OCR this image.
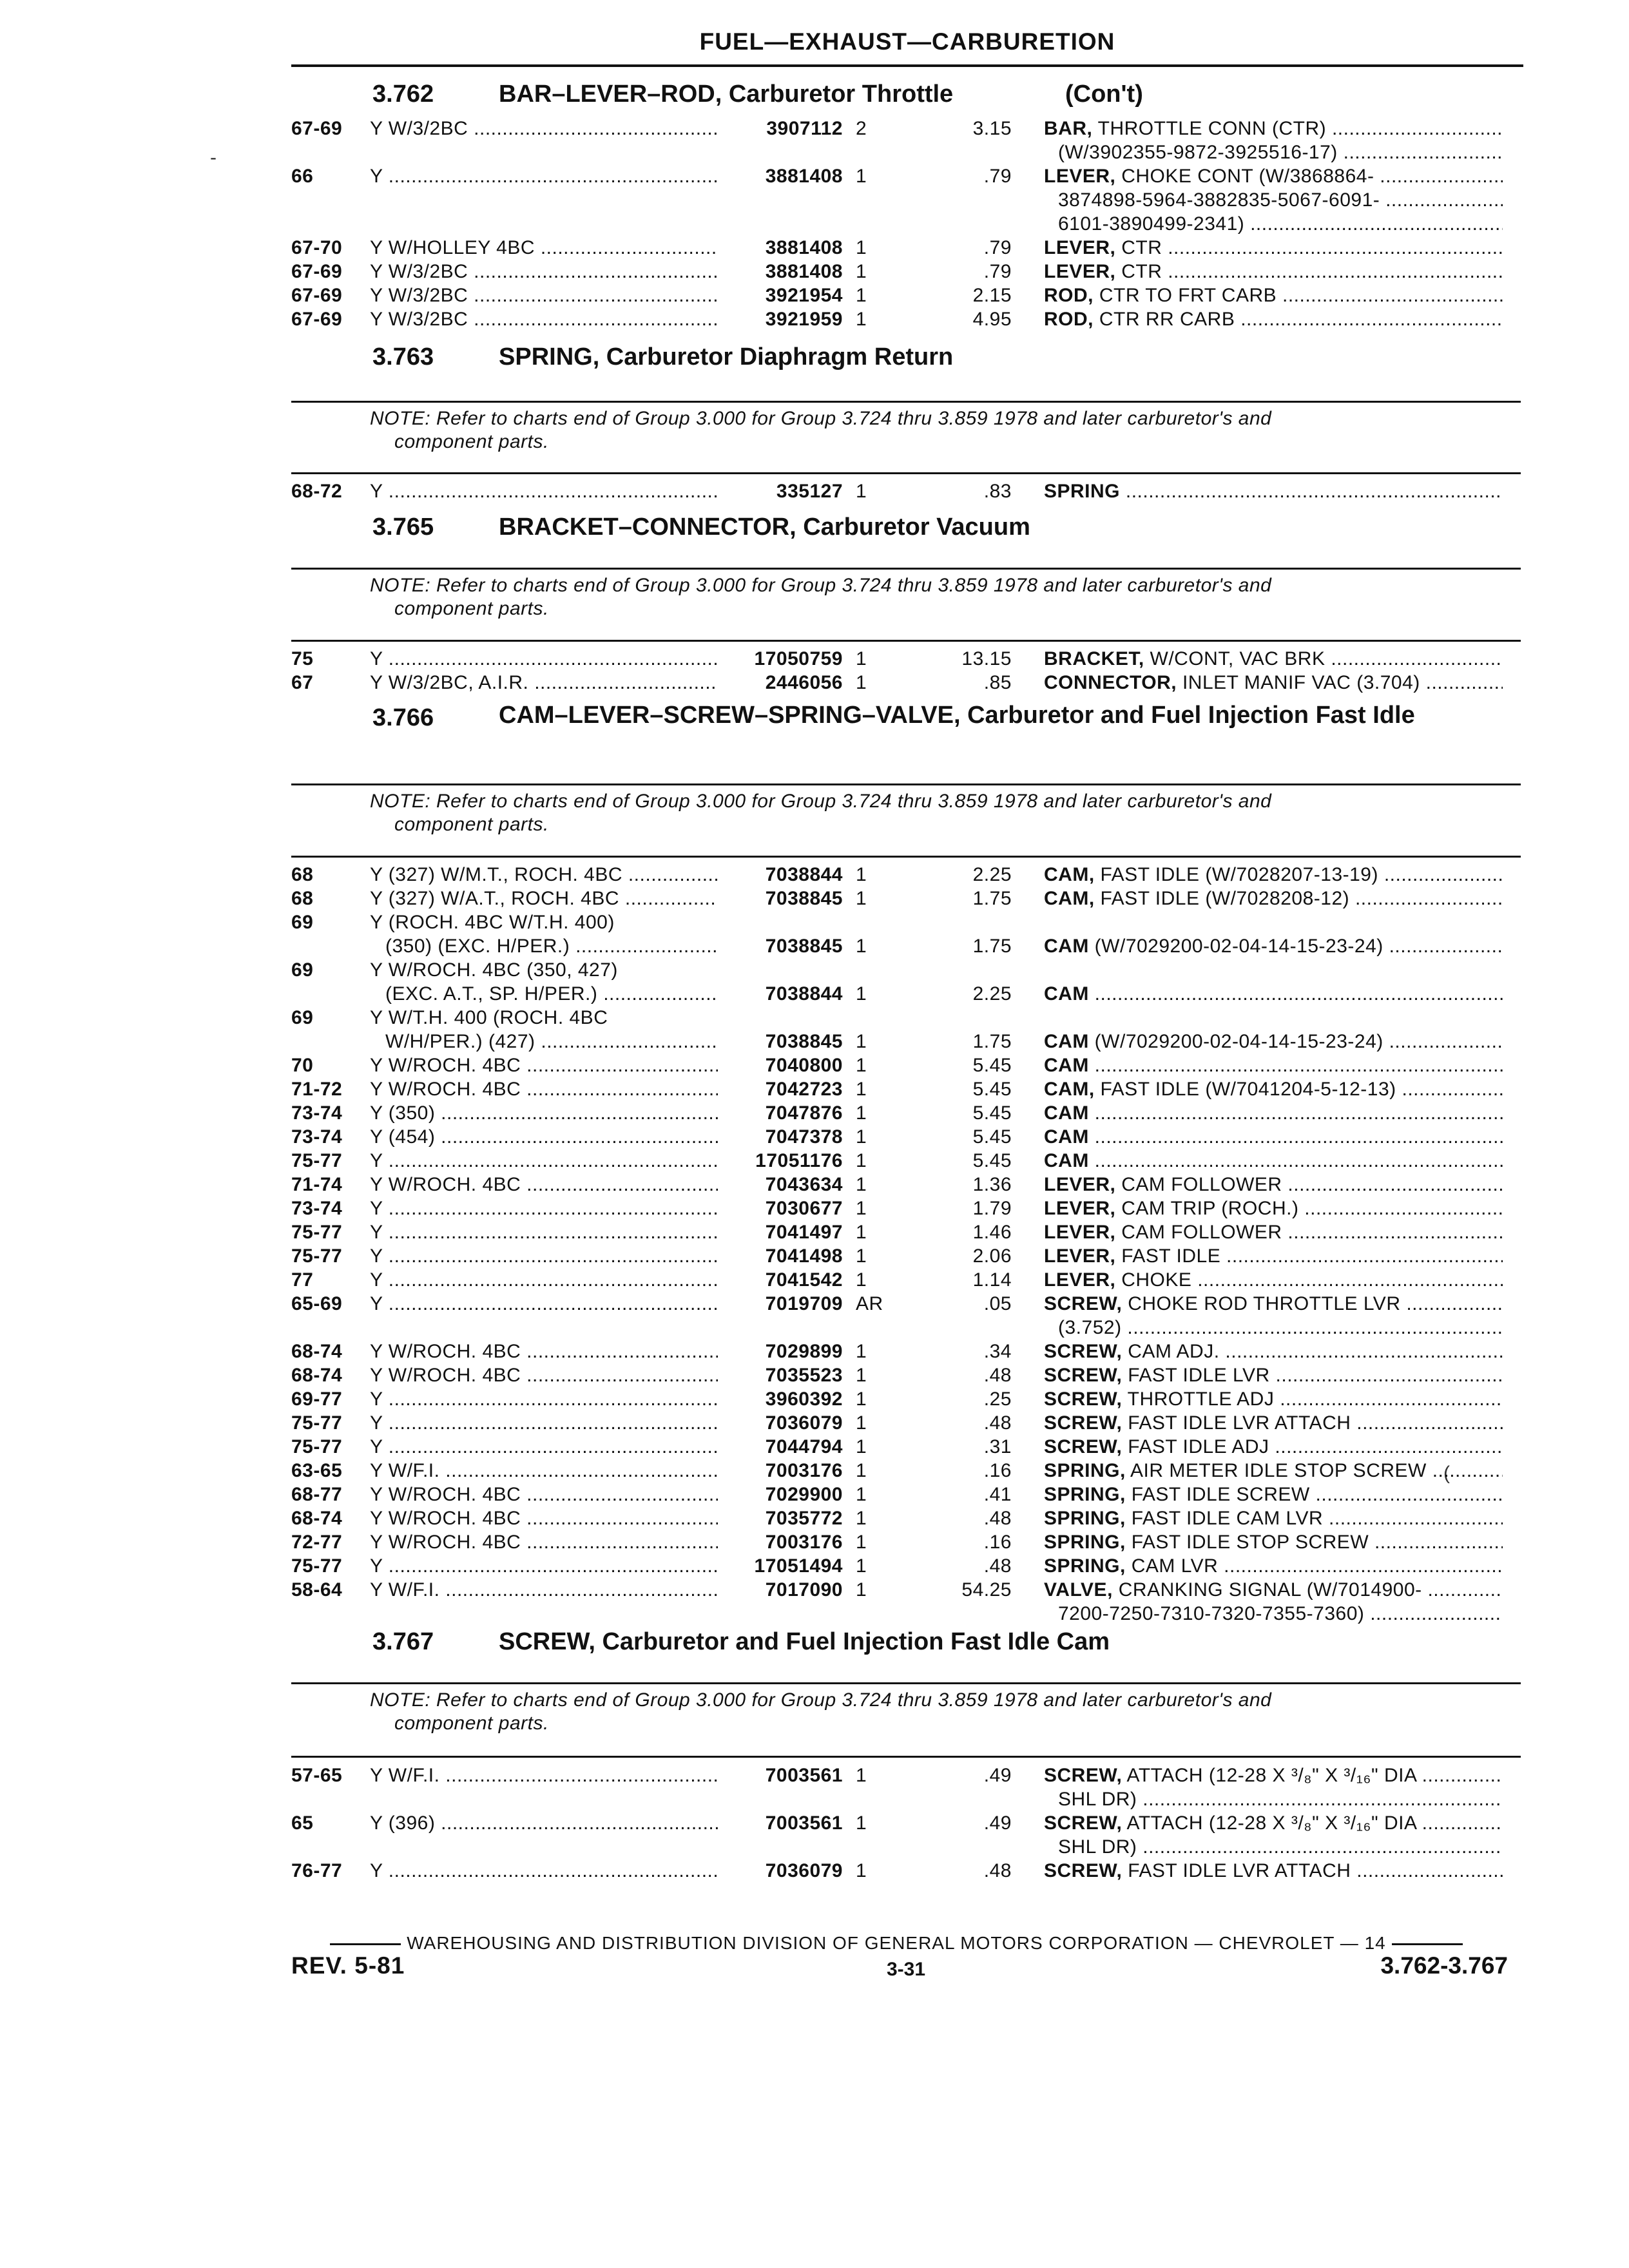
FUEL—EXHAUST—CARBURETION
-
(
3.762	BAR–LEVER–ROD, Carburetor Throttle	(Con't)
67-69	Y W/3/2BC .....	3907112 2	3.15 BAR, THROTTLE CONN (CTR) .....
(W/3902355-9872-3925516-17) .....
66	Y .....	3881408 1	.79 LEVER, CHOKE CONT (W/3868864- .....
3874898-5964-3882835-5067-6091- .....
6101-3890499-2341) .....
67-70	Y W/HOLLEY 4BC .....	3881408 1	.79 LEVER, CTR .....
67-69	Y W/3/2BC .....	3881408 1	.79 LEVER, CTR .....
67-69	Y W/3/2BC .....	3921954 1	2.15 ROD, CTR TO FRT CARB .....
67-69	Y W/3/2BC .....	3921959 1	4.95 ROD, CTR RR CARB .....
3.763	SPRING, Carburetor Diaphragm Return
NOTE: Refer to charts end of Group 3.000 for Group 3.724 thru 3.859 1978 and later carburetor's and
component parts.
68-72	Y .....	335127 1	.83 SPRING .....
3.765	BRACKET–CONNECTOR, Carburetor Vacuum
NOTE: Refer to charts end of Group 3.000 for Group 3.724 thru 3.859 1978 and later carburetor's and
component parts.
75	Y .....	17050759 1	13.15 BRACKET, W/CONT, VAC BRK .....
67	Y W/3/2BC, A.I.R. .....	2446056 1	.85 CONNECTOR, INLET MANIF VAC (3.704) .....
3.766	CAM–LEVER–SCREW–SPRING–VALVE, Carburetor and Fuel Injection Fast Idle
NOTE: Refer to charts end of Group 3.000 for Group 3.724 thru 3.859 1978 and later carburetor's and
component parts.
68	Y (327) W/M.T., ROCH. 4BC .....	7038844 1	2.25 CAM, FAST IDLE (W/7028207-13-19) .....
68	Y (327) W/A.T., ROCH. 4BC .....	7038845 1	1.75 CAM, FAST IDLE (W/7028208-12) .....
69	Y (ROCH. 4BC W/T.H. 400)
(350) (EXC. H/PER.) .....	7038845 1	1.75 CAM (W/7029200-02-04-14-15-23-24) .....
69	Y W/ROCH. 4BC (350, 427)
(EXC. A.T., SP. H/PER.) .....	7038844 1	2.25 CAM .....
69	Y W/T.H. 400 (ROCH. 4BC
W/H/PER.) (427) .....	7038845 1	1.75 CAM (W/7029200-02-04-14-15-23-24) .....
70	Y W/ROCH. 4BC .....	7040800 1	5.45 CAM .....
71-72	Y W/ROCH. 4BC .....	7042723 1	5.45 CAM, FAST IDLE (W/7041204-5-12-13) .....
73-74	Y (350) .....	7047876 1	5.45 CAM .....
73-74	Y (454) .....	7047378 1	5.45 CAM .....
75-77	Y .....	17051176 1	5.45 CAM .....
71-74	Y W/ROCH. 4BC .....	7043634 1	1.36 LEVER, CAM FOLLOWER .....
73-74	Y .....	7030677 1	1.79 LEVER, CAM TRIP (ROCH.) .....
75-77	Y .....	7041497 1	1.46 LEVER, CAM FOLLOWER .....
75-77	Y .....	7041498 1	2.06 LEVER, FAST IDLE .....
77	Y .....	7041542 1	1.14 LEVER, CHOKE .....
65-69	Y .....	7019709 AR	.05 SCREW, CHOKE ROD THROTTLE LVR .....
(3.752) .....
68-74	Y W/ROCH. 4BC .....	7029899 1	.34 SCREW, CAM ADJ. .....
68-74	Y W/ROCH. 4BC .....	7035523 1	.48 SCREW, FAST IDLE LVR .....
69-77	Y .....	3960392 1	.25 SCREW, THROTTLE ADJ .....
75-77	Y .....	7036079 1	.48 SCREW, FAST IDLE LVR ATTACH .....
75-77	Y .....	7044794 1	.31 SCREW, FAST IDLE ADJ .....
63-65	Y W/F.I. .....	7003176 1	.16 SPRING, AIR METER IDLE STOP SCREW .....
68-77	Y W/ROCH. 4BC .....	7029900 1	.41 SPRING, FAST IDLE SCREW .....
68-74	Y W/ROCH. 4BC .....	7035772 1	.48 SPRING, FAST IDLE CAM LVR .....
72-77	Y W/ROCH. 4BC .....	7003176 1	.16 SPRING, FAST IDLE STOP SCREW .....
75-77	Y .....	17051494 1	.48 SPRING, CAM LVR .....
58-64	Y W/F.I. .....	7017090 1	54.25 VALVE, CRANKING SIGNAL (W/7014900- .....
7200-7250-7310-7320-7355-7360) .....
3.767	SCREW, Carburetor and Fuel Injection Fast Idle Cam
NOTE: Refer to charts end of Group 3.000 for Group 3.724 thru 3.859 1978 and later carburetor's and
component parts.
57-65	Y W/F.I. .....	7003561 1	.49 SCREW, ATTACH (12-28 X ³/₈" X ³/₁₆" DIA .....
SHL DR) .....
65	Y (396) .....	7003561 1	.49 SCREW, ATTACH (12-28 X ³/₈" X ³/₁₆" DIA .....
SHL DR) .....
76-77	Y .....	7036079 1	.48 SCREW, FAST IDLE LVR ATTACH .....
WAREHOUSING AND DISTRIBUTION DIVISION OF GENERAL MOTORS CORPORATION — CHEVROLET — 14
REV. 5-81	3-31	3.762-3.767
